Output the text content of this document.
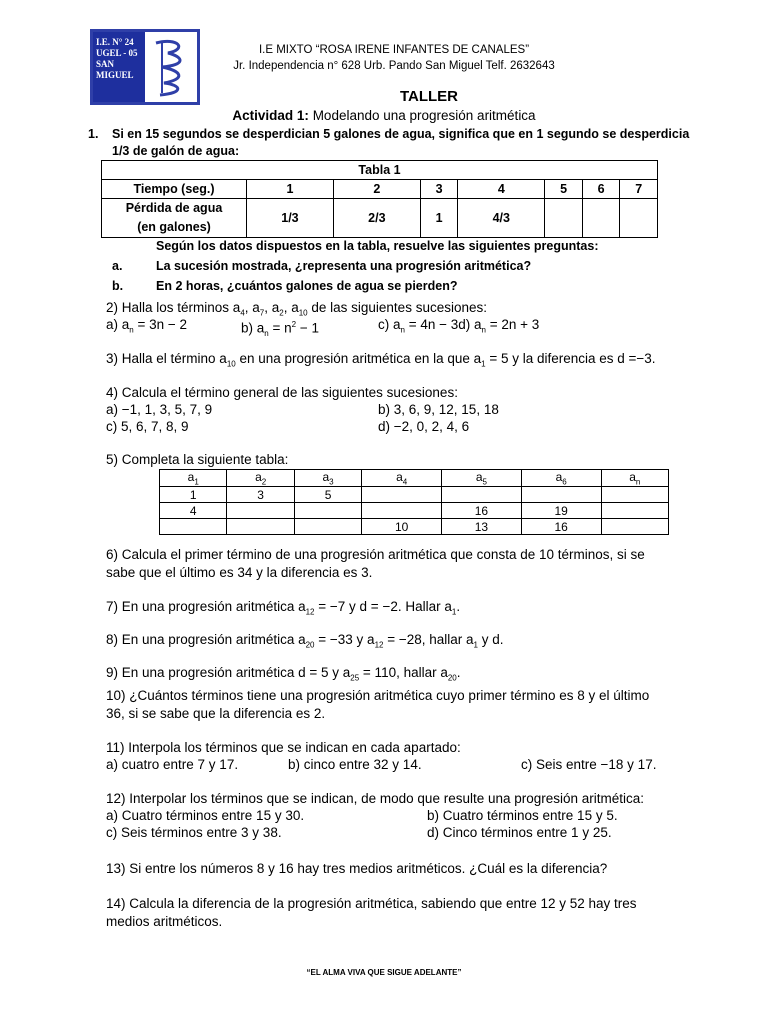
I.E. N° 24
UGEL - 05
SAN
MIGUEL
I.E MIXTO “ROSA IRENE INFANTES DE CANALES”
Jr. Independencia n° 628 Urb. Pando San Miguel Telf. 2632643
TALLER
Actividad 1: Modelando una progresión aritmética
1. Si en 15 segundos se desperdician 5 galones de agua, significa que en 1 segundo se desperdicia
1/3 de galón de agua:
Tabla 1							
Tiempo (seg.)	1	2	3	4	5	6	7

Pérdida de agua
(en galones)	1/3	2/3	1	4/3			
Según los datos dispuestos en la tabla, resuelve las siguientes preguntas:
a.	La sucesión mostrada, ¿representa una progresión aritmética?
b.	En 2 horas, ¿cuántos galones de agua se pierden?
2) Halla los términos $a_4$, $a_7$, $a_2$, $a_{10}$ de las siguientes sucesiones:
a) $a_n = 3n - 2$	b) $a_n = n^2 - 1$	c) $a_n = 4n - 3d$) $a_n = 2n + 3$
3) Halla el término $a_{10}$ en una progresión aritmética en la que $a_1 = 5$ y la diferencia es d =−3.
4) Calcula el término general de las siguientes sucesiones:
a) −1, 1, 3, 5, 7, 9	b) 3, 6, 9, 12, 15, 18
c) 5, 6, 7, 8, 9	d) −2, 0, 2, 4, 6
5) Completa la siguiente tabla:
$a_1$	$a_2$	$a_3$	$a_4$	$a_5$	$a_6$	$a_n$
1	3	5				
4				16	19	
			10	13	16	
6) Calcula el primer término de una progresión aritmética que consta de 10 términos, si se
sabe que el último es 34 y la diferencia es 3.
7) En una progresión aritmética $a_{12} = -7$ y d = −2. Hallar $a_1$.
8) En una progresión aritmética $a_{20} = -33$ y $a_{12} = -28$, hallar $a_1$ y d.
9) En una progresión aritmética d = 5 y $a_{25} = 110$, hallar $a_{20}$.
10) ¿Cuántos términos tiene una progresión aritmética cuyo primer término es 8 y el último
36, si se sabe que la diferencia es 2.
11) Interpola los términos que se indican en cada apartado:
a) cuatro entre 7 y 17.	b) cinco entre 32 y 14.	c) Seis entre −18 y 17.
12) Interpolar los términos que se indican, de modo que resulte una progresión aritmética:
a) Cuatro términos entre 15 y 30.	b) Cuatro términos entre 15 y 5.
c) Seis términos entre 3 y 38.	d) Cinco términos entre 1 y 25.
13) Si entre los números 8 y 16 hay tres medios aritméticos. ¿Cuál es la diferencia?
14) Calcula la diferencia de la progresión aritmética, sabiendo que entre 12 y 52 hay tres
medios aritméticos.
“EL ALMA VIVA QUE SIGUE ADELANTE”
